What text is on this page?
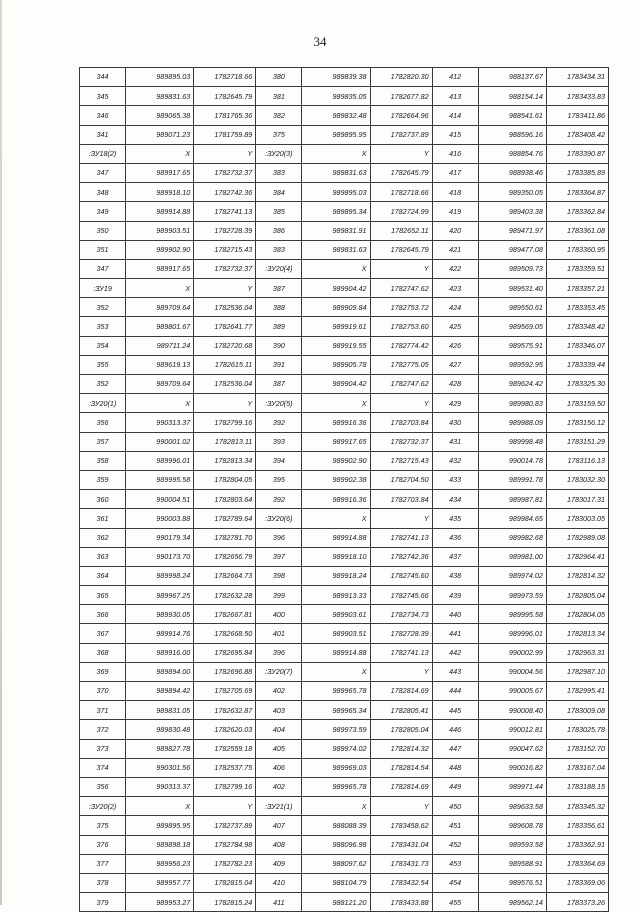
34
344	989895.03	1782718.66	380	989839.38	1782820.30	412	988137.67	1783434.31
345	989831.63	1782645.79	381	989835.05	1782677.82	413	988154.14	1783433.83
346	989065.38	1781765.36	382	989832.48	1782664.96	414	988541.61	1783411.86
341	989071.23	1781759.89	375	989895.95	1782737.89	415	988596.16	1783408.42
:ЗУ18(2)	X	Y	:ЗУ20(3)	X	Y	416	988854.76	1783390.87
347	989917.65	1782732.37	383	989831.63	1782645.79	417	988938.46	1783385.89
348	989918.10	1782742.36	384	989895.03	1782718.66	418	989350.05	1783364.87
349	989914.88	1782741.13	385	989895.34	1782724.99	419	989403.38	1783362.84
350	989903.51	1782728.39	386	989831.91	1782652.11	420	989471.97	1783361.08
351	989902.90	1782715.43	383	989831.63	1782645.79	421	989477.08	1783360.95
347	989917.65	1782732.37	:ЗУ20(4)	X	Y	422	989509.73	1783359.51
:ЗУ19	X	Y	387	989904.42	1782747.62	423	989531.40	1783357.21
352	989709.64	1782536.04	388	989909.84	1782753.72	424	989550.61	1783353.45
353	989801.67	1782641.77	389	989919.61	1782753.60	425	989569.05	1783348.42
354	989711.24	1782720.68	390	989919.55	1782774.42	426	989575.91	1783346.07
355	989619.13	1782615.11	391	989905.78	1782775.05	427	989592.95	1783339.44
352	989709.64	1782536.04	387	989904.42	1782747.62	428	989624.42	1783325.30
:ЗУ20(1)	X	Y	:ЗУ20(5)	X	Y	429	989980.83	1783159.50
356	990313.37	1782799.16	392	989916.36	1782703.84	430	989988.09	1783156.12
357	990001.02	1782813.11	393	989917.65	1782732.37	431	989998.48	1783151.29
358	989996.01	1782813.34	394	989902.90	1782715.43	432	990014.78	1783116.13
359	989995.58	1782804.05	395	989902.38	1782704.50	433	989991.78	1783032.30
360	990004.51	1782803.64	392	989916.36	1782703.84	434	989987.81	1783017.31
361	990003.88	1782789.64	:ЗУ20(6)	X	Y	435	989984.65	1783003.05
362	990179.34	1782781.70	396	989914.88	1782741.13	436	989982.68	1782989.08
363	990173.70	1782656.79	397	989918.10	1782742.36	437	989981.00	1782964.41
364	989998.24	1782664.73	398	989918.24	1782745.60	438	989974.02	1782814.32
365	989967.25	1782632.28	399	989913.33	1782745.66	439	989973.59	1782805.04
366	989930.05	1782667.81	400	989903.61	1782734.73	440	989995.58	1782804.05
367	989914.76	1782668.50	401	989903.51	1782728.39	441	989996.01	1782813.34
368	989916.00	1782695.84	396	989914.88	1782741.13	442	990002.99	1782963.31
369	989894.00	1782696.88	:ЗУ20(7)	X	Y	443	990004.56	1782987.10
370	989894.42	1782705.69	402	989965.78	1782814.69	444	990005.67	1782995.41
371	989831.05	1782632.87	403	989965.34	1782805.41	445	990008.40	1783009.08
372	989830.48	1782620.03	404	989973.59	1782805.04	446	990012.81	1783025.78
373	989827.78	1782559.18	405	989974.02	1782814.32	447	990047.62	1783152.70
374	990301.56	1782537.75	406	989969.03	1782814.54	448	990016.82	1783167.04
356	990313.37	1782799.16	402	989965.78	1782814.69	449	989971.44	1783188.15
:ЗУ20(2)	X	Y	:ЗУ21(1)	X	Y	450	989633.58	1783345.32
375	989895.95	1782737.89	407	988088.39	1783458.62	451	989608.78	1783356.61
376	989898.18	1782784.98	408	988096.98	1783431.04	452	989593.58	1783362.91
377	989956.23	1782782.23	409	988097.62	1783431.73	453	989588.91	1783364.69
378	989957.77	1782815.04	410	988104.79	1783432.54	454	989576.51	1783369.06
379	989953.27	1782815.24	411	988121.20	1783433.88	455	989562.14	1783373.26
